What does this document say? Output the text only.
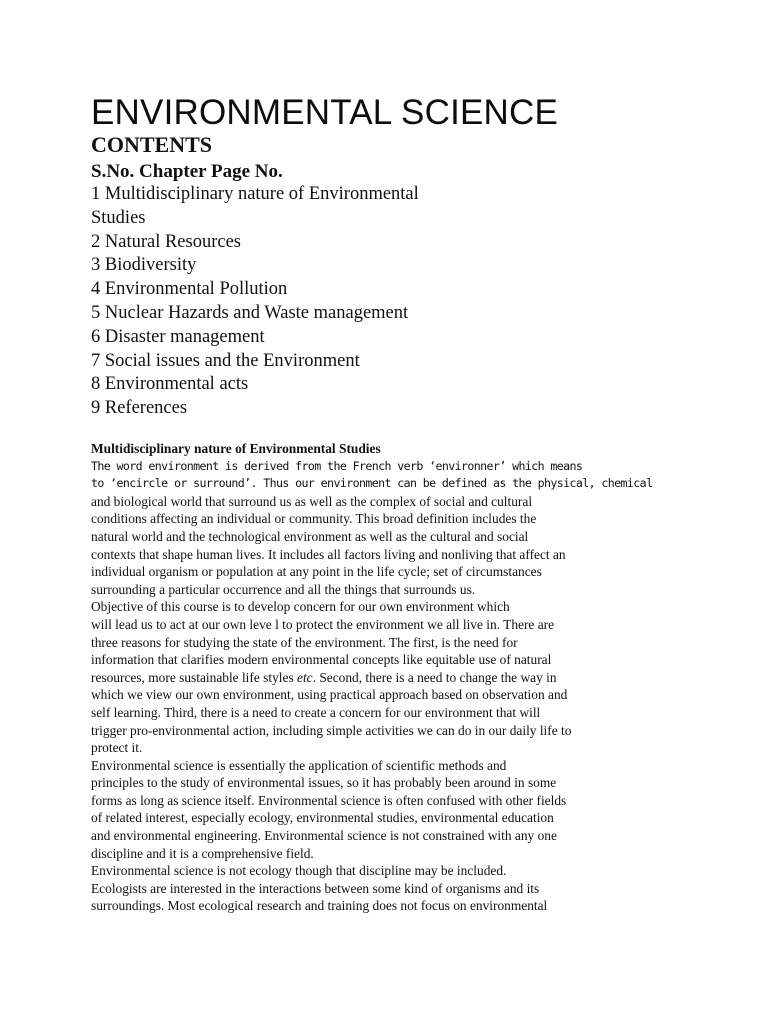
ENVIRONMENTAL SCIENCE
CONTENTS
S.No. Chapter Page No.
1 Multidisciplinary nature of Environmental Studies
2 Natural Resources
3 Biodiversity
4 Environmental Pollution
5 Nuclear Hazards and Waste management
6 Disaster management
7 Social issues and the Environment
8 Environmental acts
9 References

Multidisciplinary nature of Environmental Studies

The word environment is derived from the French verb ‘environner’ which means

to ‘encircle or surround’. Thus our environment can be defined as the physical, chemical

and biological world that surround us as well as the complex of social and cultural

conditions affecting an individual or community. This broad definition includes the

natural world and the technological environment as well as the cultural and social

contexts that shape human lives. It includes all factors living and nonliving that affect an

individual organism or population at any point in the life cycle; set of circumstances

surrounding a particular occurrence and all the things that surrounds us.

Objective of this course is to develop concern for our own environment which

will lead us to act at our own leve l to protect the environment we all live in. There are

three reasons for studying the state of the environment. The first, is the need for

information that clarifies modern environmental concepts like equitable use of natural

resources, more sustainable life styles etc. Second, there is a need to change the way in

which we view our own environment, using practical approach based on observation and

self learning. Third, there is a need to create a concern for our environment that will

trigger pro-environmental action, including simple activities we can do in our daily life to

protect it.

Environmental science is essentially the application of scientific methods and

principles to the study of environmental issues, so it has probably been around in some

forms as long as science itself. Environmental science is often confused with other fields

of related interest, especially ecology, environmental studies, environmental education

and environmental engineering. Environmental science is not constrained with any one

discipline and it is a comprehensive field.

Environmental science is not ecology though that discipline may be included.

Ecologists are interested in the interactions between some kind of organisms and its

surroundings. Most ecological research and training does not focus on environmental
